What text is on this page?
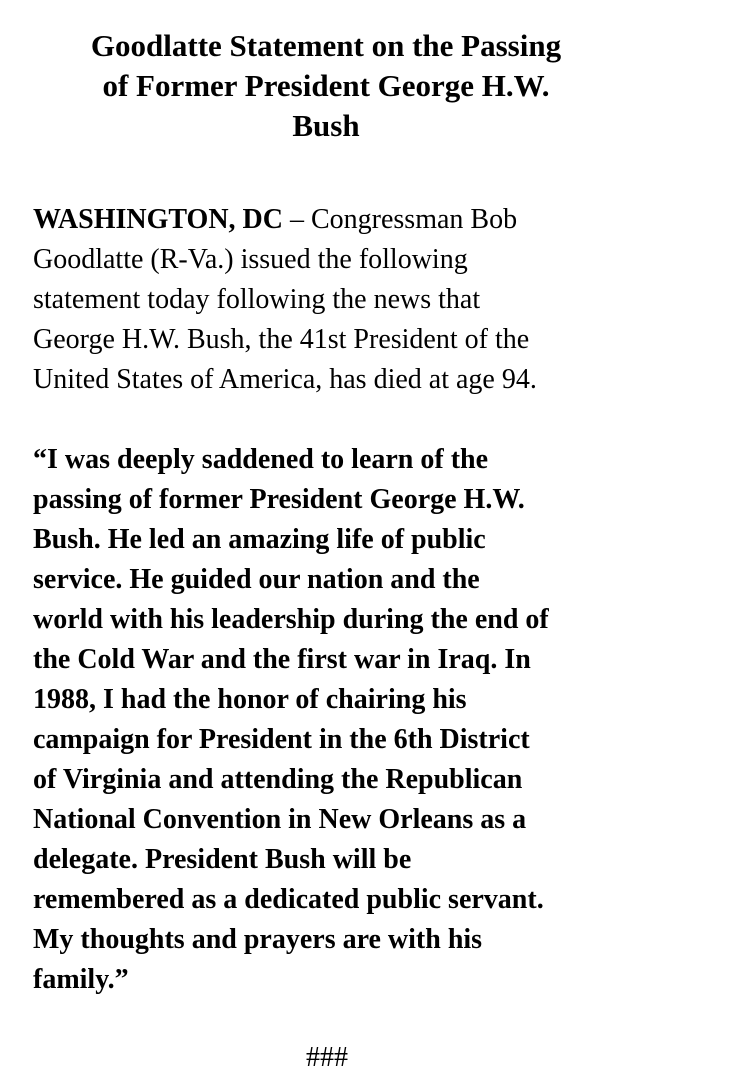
Goodlatte Statement on the Passing
of Former President George H.W.
Bush

WASHINGTON, DC – Congressman Bob
Goodlatte (R-Va.) issued the following
statement today following the news that
George H.W. Bush, the 41st President of the
United States of America, has died at age 94.

“I was deeply saddened to learn of the
passing of former President George H.W.
Bush. He led an amazing life of public
service. He guided our nation and the
world with his leadership during the end of
the Cold War and the first war in Iraq. In
1988, I had the honor of chairing his
campaign for President in the 6th District
of Virginia and attending the Republican
National Convention in New Orleans as a
delegate. President Bush will be
remembered as a dedicated public servant.
My thoughts and prayers are with his
family.”

###
